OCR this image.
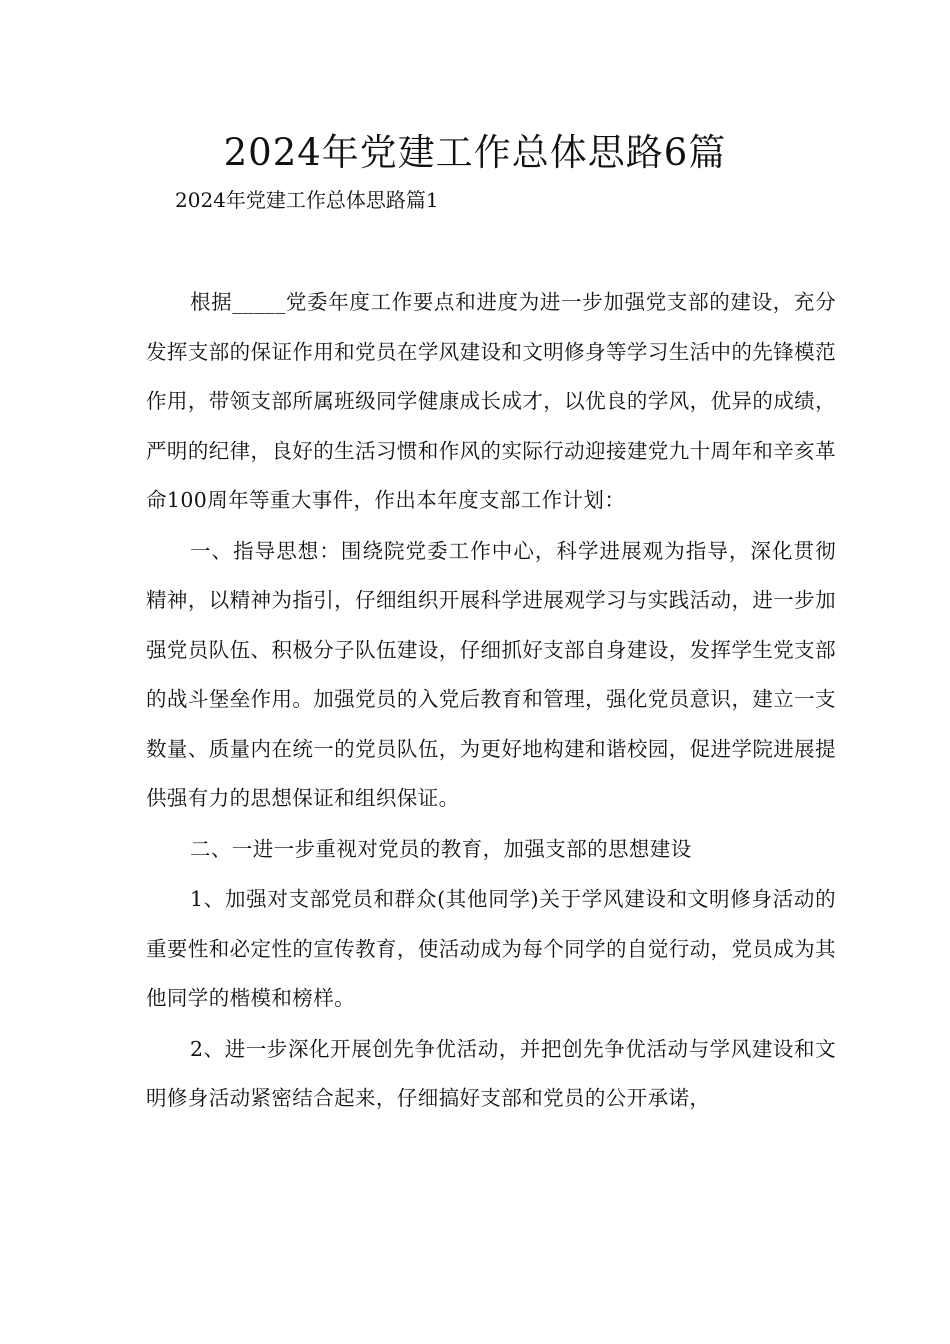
2024年党建工作总体思路6篇

2024年党建工作总体思路篇1

根据_____党委年度工作要点和进度为进一步加强党支部的建设，充分发挥支部的保证作用和党员在学风建设和文明修身等学习生活中的先锋模范作用，带领支部所属班级同学健康成长成才，以优良的学风，优异的成绩，严明的纪律，良好的生活习惯和作风的实际行动迎接建党九十周年和辛亥革命100周年等重大事件，作出本年度支部工作计划：

一、指导思想：围绕院党委工作中心，科学进展观为指导，深化贯彻精神，以精神为指引，仔细组织开展科学进展观学习与实践活动，进一步加强党员队伍、积极分子队伍建设，仔细抓好支部自身建设，发挥学生党支部的战斗堡垒作用。加强党员的入党后教育和管理，强化党员意识，建立一支数量、质量内在统一的党员队伍，为更好地构建和谐校园，促进学院进展提供强有力的思想保证和组织保证。

二、一进一步重视对党员的教育，加强支部的思想建设

1、加强对支部党员和群众(其他同学)关于学风建设和文明修身活动的重要性和必定性的宣传教育，使活动成为每个同学的自觉行动，党员成为其他同学的楷模和榜样。

2、进一步深化开展创先争优活动，并把创先争优活动与学风建设和文明修身活动紧密结合起来，仔细搞好支部和党员的公开承诺，
